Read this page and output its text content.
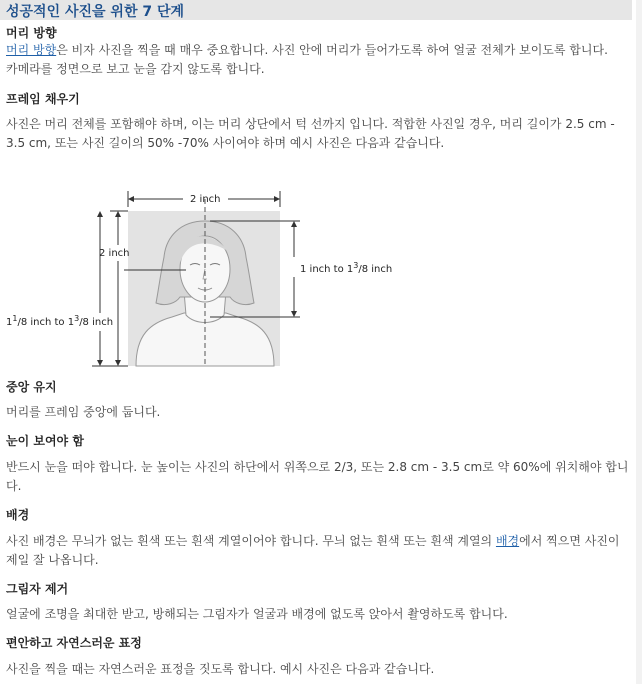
성공적인 사진을 위한 7 단계
머리 방향
머리 방향은 비자 사진을 찍을 때 매우 중요합니다. 사진 안에 머리가 들어가도록 하여 얼굴 전체가 보이도록 합니다.
카메라를 정면으로 보고 눈을 감지 않도록 합니다.
프레임 채우기
사진은 머리 전체를 포함해야 하며, 이는 머리 상단에서 턱 선까지 입니다. 적합한 사진일 경우, 머리 길이가 2.5 cm -
3.5 cm, 또는 사진 길이의 50% -70% 사이여야 하며 예시 사진은 다음과 같습니다.
2 inch
2 inch
$1^1/8$ inch to $1^3/8$ inch
1 inch to $1^3/8$ inch
중앙 유지
머리를 프레임 중앙에 둡니다.
눈이 보여야 함
반드시 눈을 떠야 합니다. 눈 높이는 사진의 하단에서 위쪽으로 2/3, 또는 2.8 cm - 3.5 cm로 약 60%에 위치해야 합니
다.
배경
사진 배경은 무늬가 없는 흰색 또는 흰색 계열이어야 합니다. 무늬 없는 흰색 또는 흰색 계열의 배경에서 찍으면 사진이
제일 잘 나옵니다.
그림자 제거
얼굴에 조명을 최대한 받고, 방해되는 그림자가 얼굴과 배경에 없도록 앉아서 촬영하도록 합니다.
편안하고 자연스러운 표정
사진을 찍을 때는 자연스러운 표정을 짓도록 합니다. 예시 사진은 다음과 같습니다.
